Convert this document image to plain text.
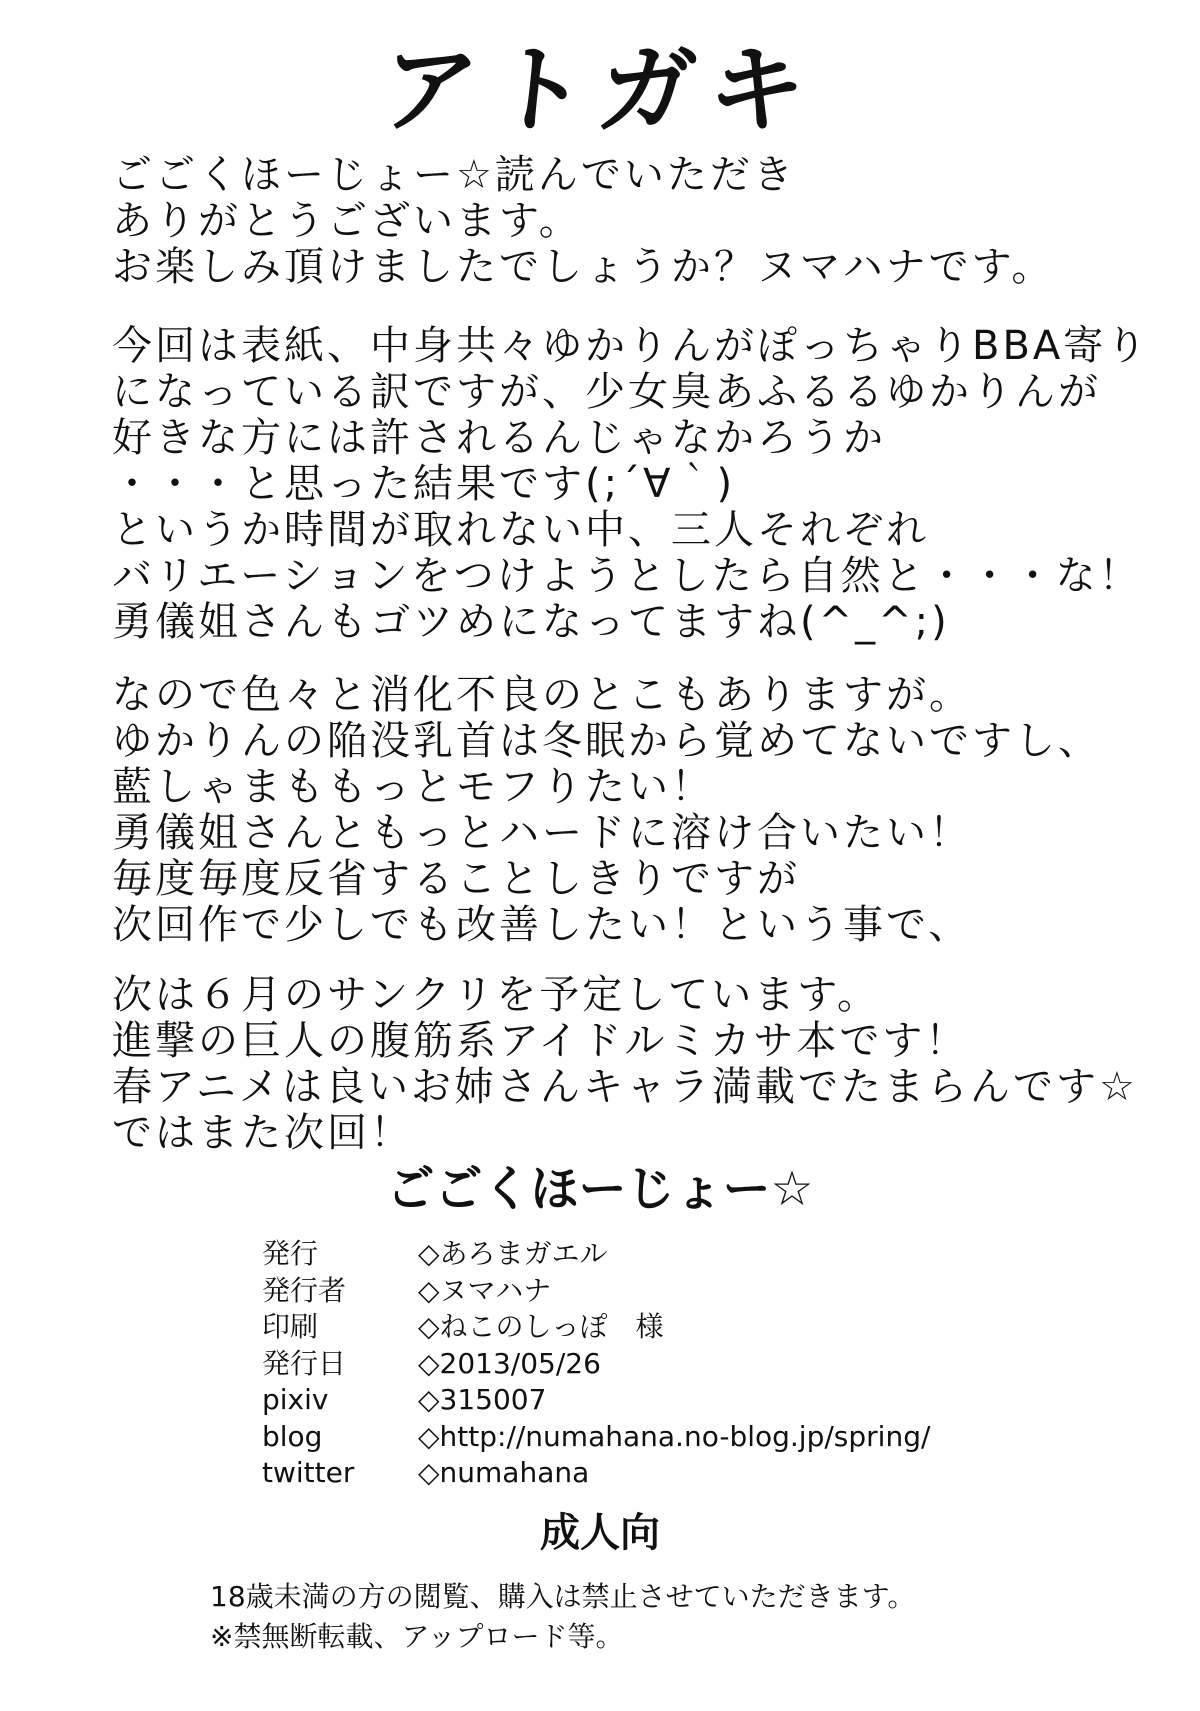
アトガキ
ごごくほーじょー☆読んでいただき
ありがとうございます。
お楽しみ頂けましたでしょうか？ヌマハナです。
今回は表紙、中身共々ゆかりんがぽっちゃりBBA寄り
になっている訳ですが、少女臭あふるるゆかりんが
好きな方には許されるんじゃなかろうか
・・・と思った結果です(;´∀｀)
というか時間が取れない中、三人それぞれ
バリエーションをつけようとしたら自然と・・・な！
勇儀姐さんもゴツめになってますね(^_^;)
なので色々と消化不良のとこもありますが。
ゆかりんの陥没乳首は冬眠から覚めてないですし、
藍しゃまももっとモフりたい！
勇儀姐さんともっとハードに溶け合いたい！
毎度毎度反省することしきりですが
次回作で少しでも改善したい！という事で、
次は６月のサンクリを予定しています。
進撃の巨人の腹筋系アイドルミカサ本です！
春アニメは良いお姉さんキャラ満載でたまらんです☆
ではまた次回！
ごごくほーじょー☆
発行	◇あろまガエル
発行者	◇ヌマハナ
印刷	◇ねこのしっぽ　様
発行日	◇2013/05/26
pixiv	◇315007
blog	◇http://numahana.no-blog.jp/spring/
twitter	◇numahana
成人向
18歳未満の方の閲覧、購入は禁止させていただきます。
※禁無断転載、アップロード等。
